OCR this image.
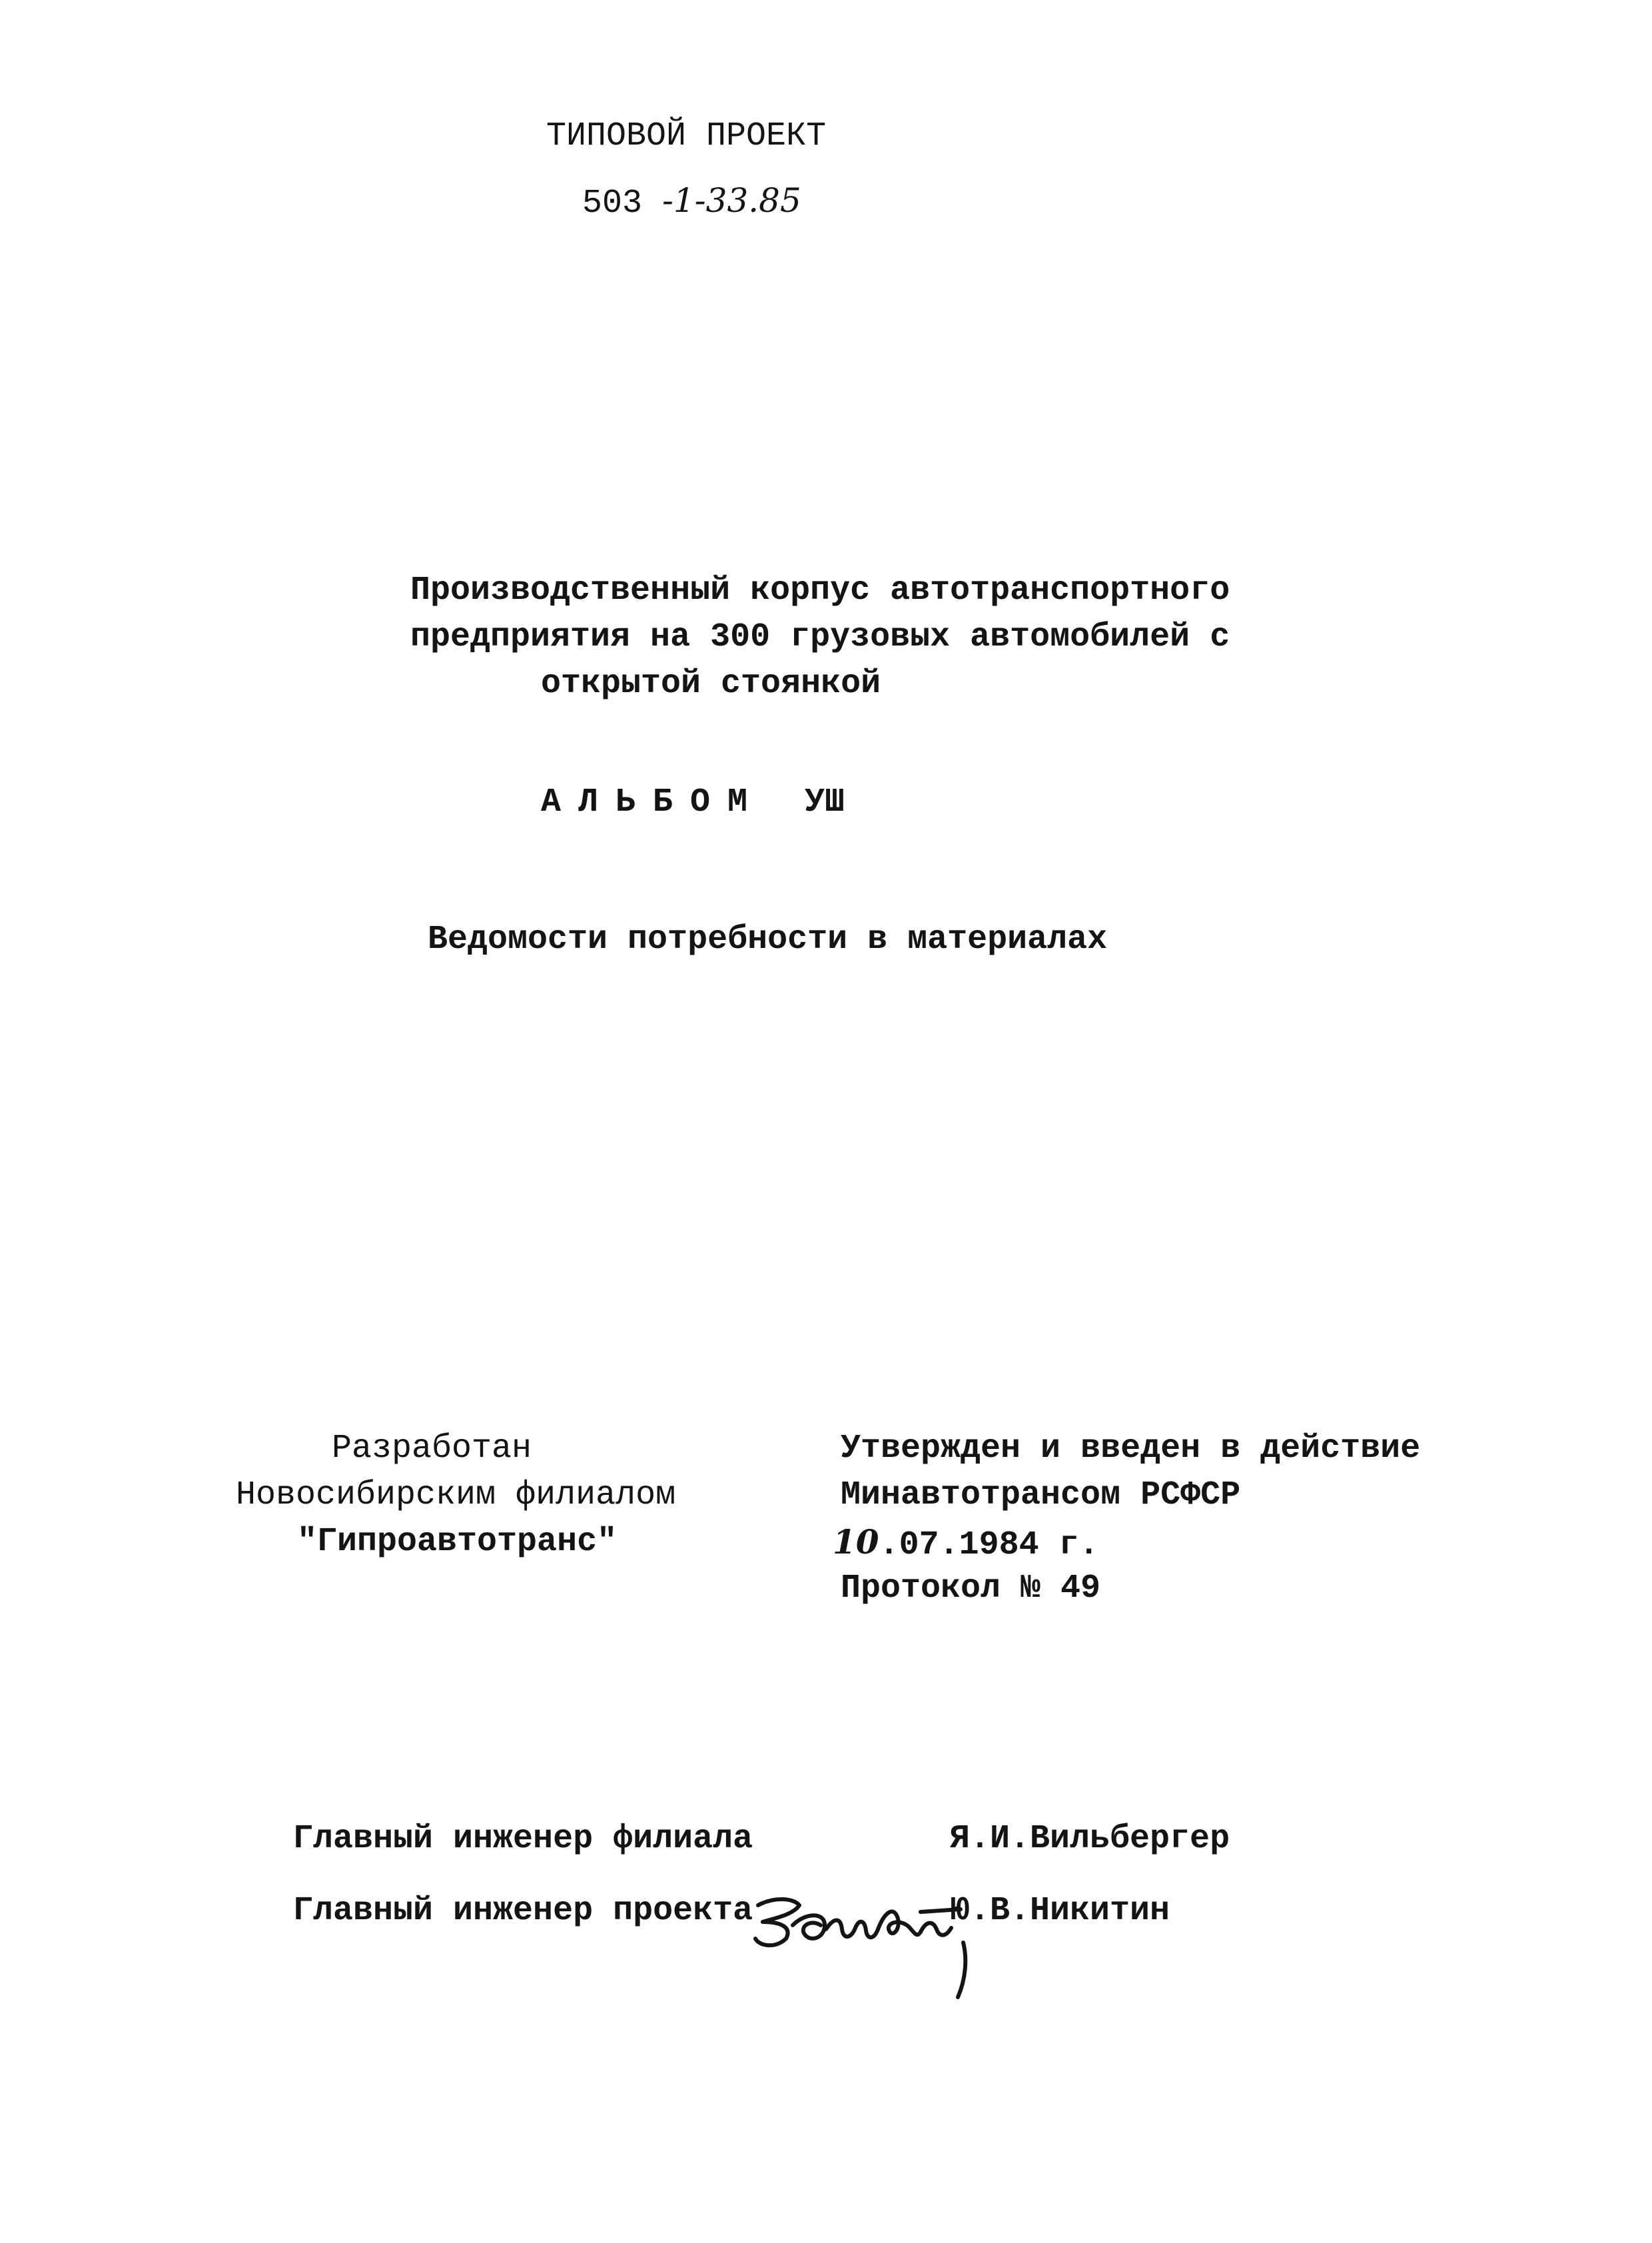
ТИПОВОЙ ПРОЕКТ
503 -1-33.85
Производственный корпус автотранспортного
предприятия на 300 грузовых автомобилей с
открытой стоянкой
АЛЬБОМ УШ
Ведомости потребности в материалах
Разработан
Новосибирским филиалом
"Гипроавтотранс"
Утвержден и введен в действие
Минавтотрансом РСФСР
10.07.1984 г.
Протокол № 49
Главный инженер филиала	Я.И.Вильбергер
Главный инженер проекта	Ю.В.Никитин
